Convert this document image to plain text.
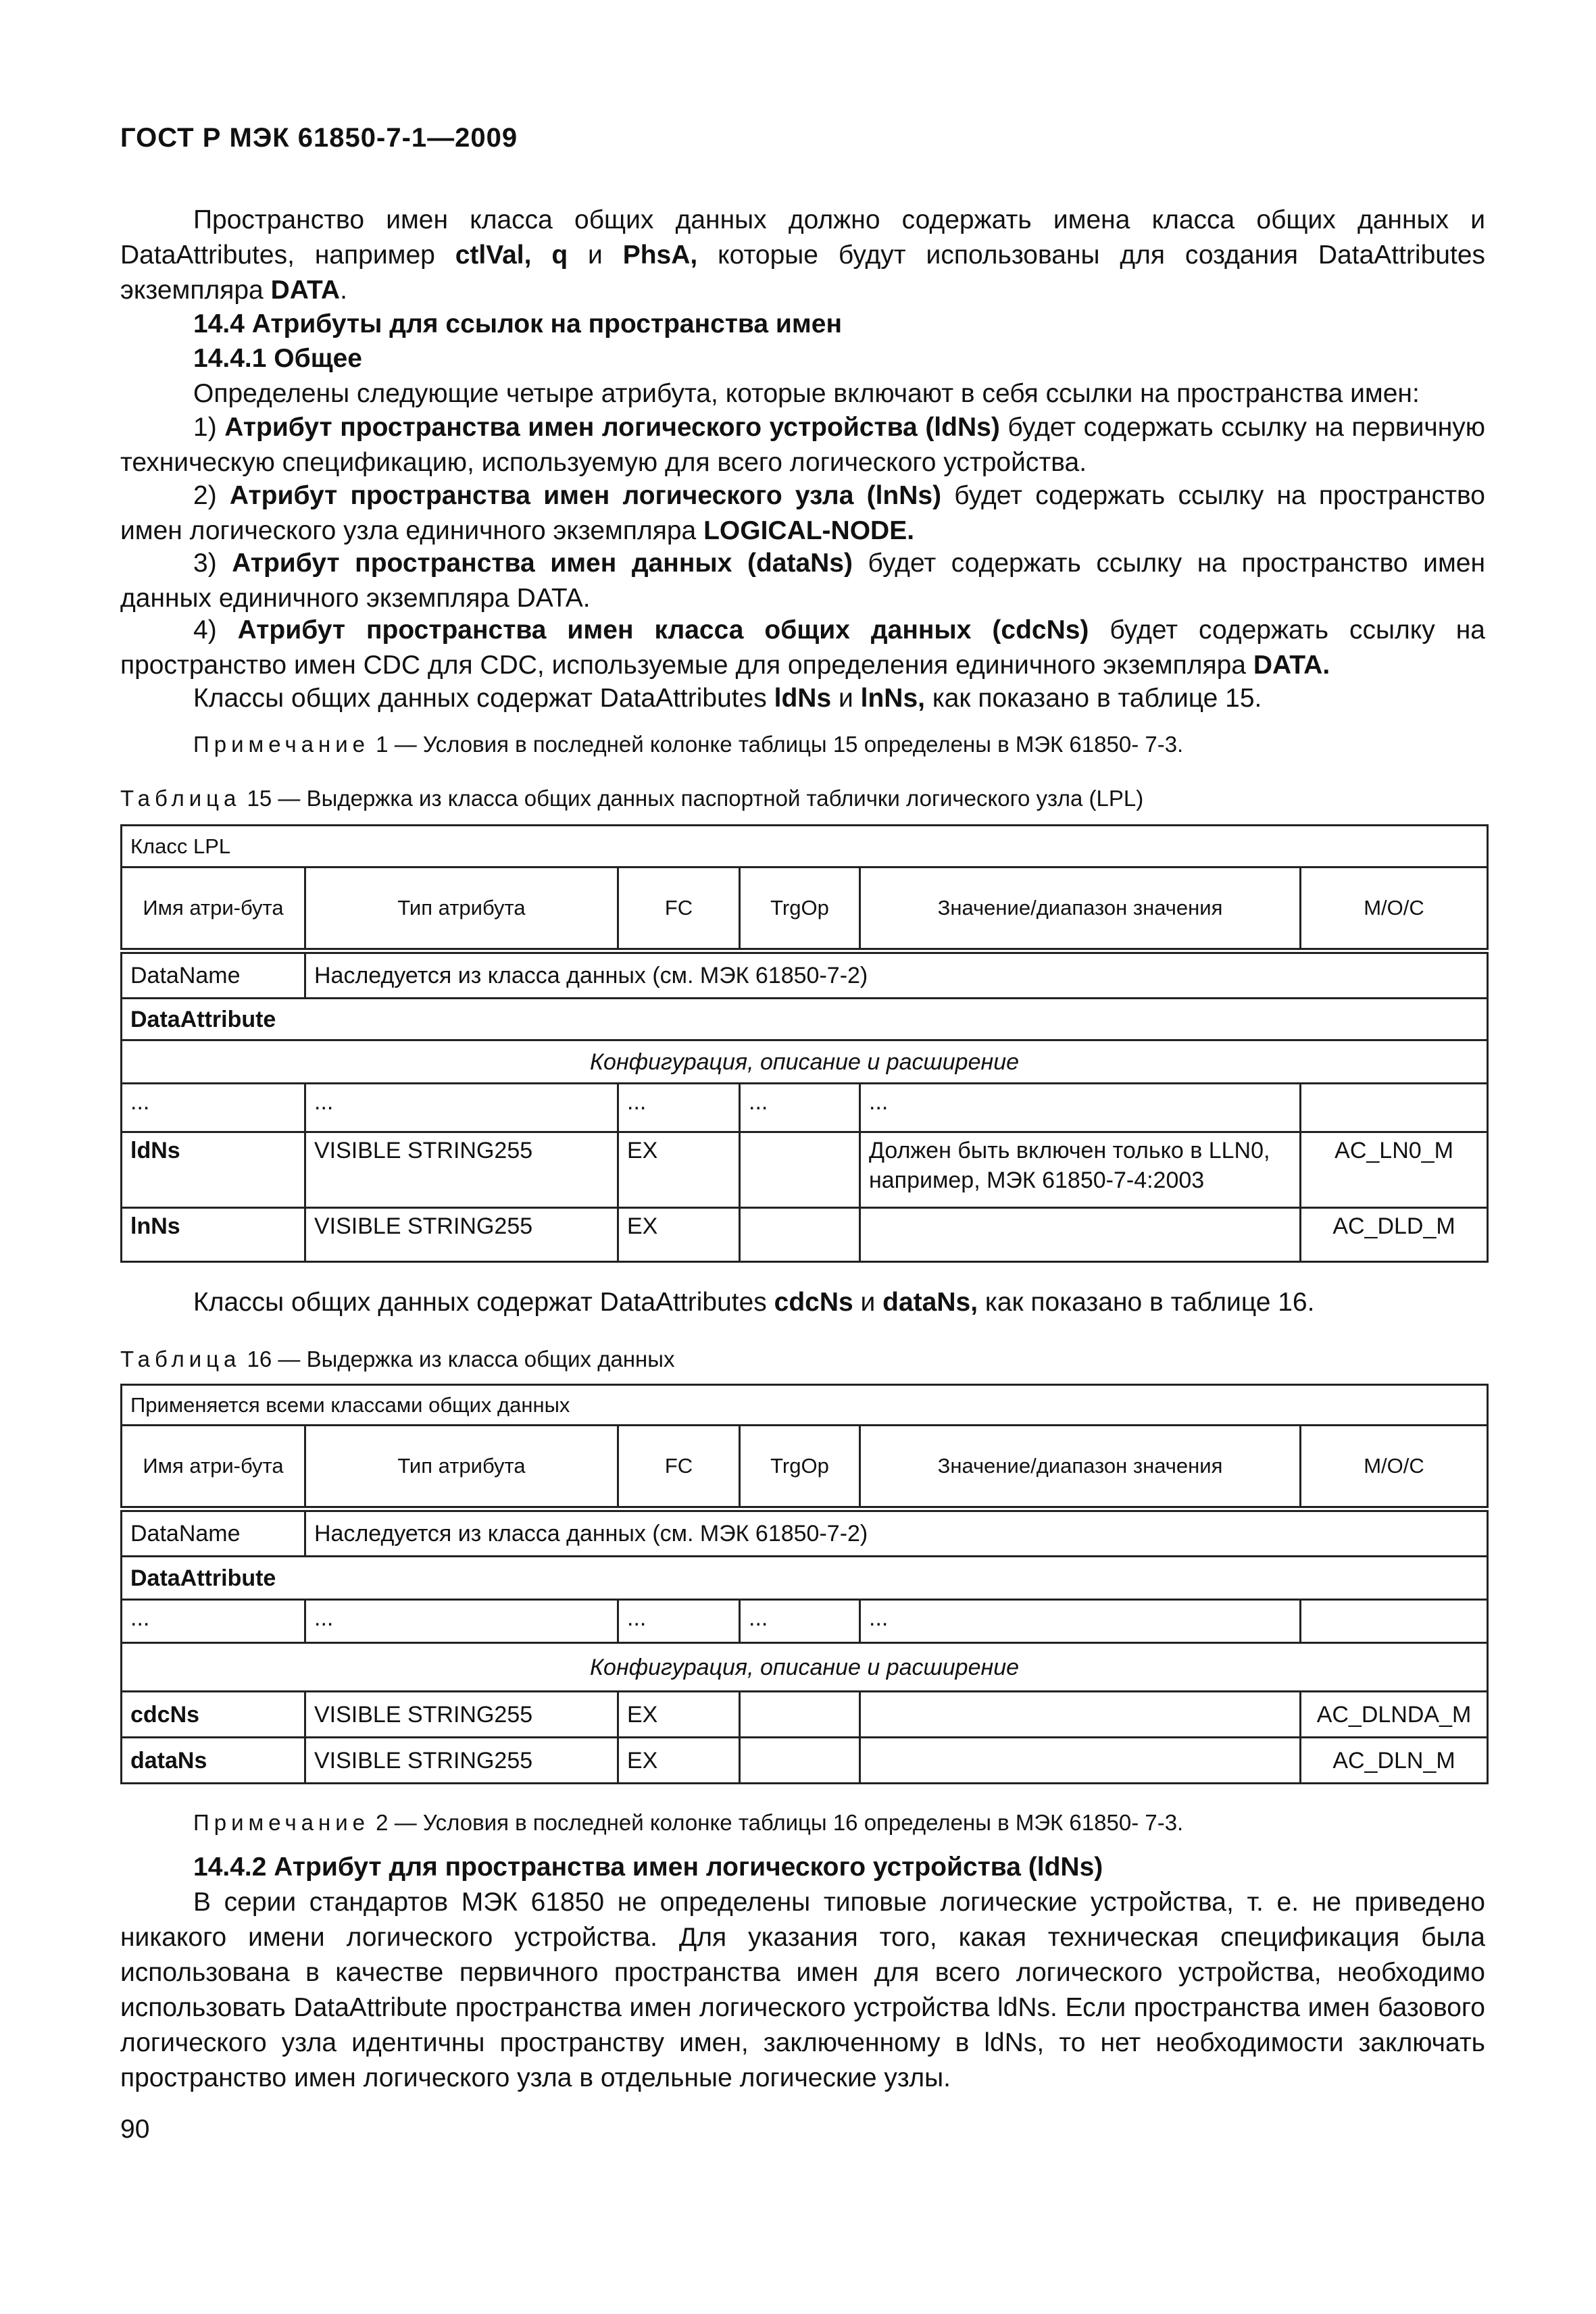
ГОСТ Р МЭК 61850-7-1—2009
Пространство имен класса общих данных должно содержать имена класса общих данных и DataAttributes, например ctlVal, q и PhsA, которые будут использованы для создания DataAttributes экземпляра DATA.
14.4 Атрибуты для ссылок на пространства имен
14.4.1 Общее
Определены следующие четыре атрибута, которые включают в себя ссылки на пространства имен:
1) Атрибут пространства имен логического устройства (ldNs) будет содержать ссылку на первичную техническую спецификацию, используемую для всего логического устройства.
2) Атрибут пространства имен логического узла (lnNs) будет содержать ссылку на пространство имен логического узла единичного экземпляра LOGICAL-NODE.
3) Атрибут пространства имен данных (dataNs) будет содержать ссылку на пространство имен данных единичного экземпляра DATA.
4) Атрибут пространства имен класса общих данных (cdcNs) будет содержать ссылку на пространство имен CDC для CDC, используемые для определения единичного экземпляра DATA.
Классы общих данных содержат DataAttributes ldNs и lnNs, как показано в таблице 15.
Примечание 1 — Условия в последней колонке таблицы 15 определены в МЭК 61850- 7-3.
Таблица 15 — Выдержка из класса общих данных паспортной таблички логического узла (LPL)
Класс LPL					
Имя атри-бута	Тип атрибута	FC	TrgOp	Значение/диапазон значения	M/O/C
DataName	Наследуется из класса данных (см. МЭК 61850-7-2)				
DataAttribute					
Конфигурация, описание и расширение					
...	...	...	...	...	
ldNs	VISIBLE STRING255	EX		Должен быть включен только в LLN0, например, МЭК 61850-7-4:2003	AC_LN0_M
lnNs	VISIBLE STRING255	EX			AC_DLD_M
Классы общих данных содержат DataAttributes cdcNs и dataNs, как показано в таблице 16.
Таблица 16 — Выдержка из класса общих данных
Применяется всеми классами общих данных					
Имя атри-бута	Тип атрибута	FC	TrgOp	Значение/диапазон значения	M/O/C
DataName	Наследуется из класса данных (см. МЭК 61850-7-2)				
DataAttribute					
...	...	...	...	...	
Конфигурация, описание и расширение					
cdcNs	VISIBLE STRING255	EX			AC_DLNDA_M
dataNs	VISIBLE STRING255	EX			AC_DLN_M
Примечание 2 — Условия в последней колонке таблицы 16 определены в МЭК 61850- 7-3.
14.4.2 Атрибут для пространства имен логического устройства (ldNs)
В серии стандартов МЭК 61850 не определены типовые логические устройства, т. е. не приведено никакого имени логического устройства. Для указания того, какая техническая спецификация была использована в качестве первичного пространства имен для всего логического устройства, необходимо использовать DataAttribute пространства имен логического устройства ldNs. Если пространства имен базового логического узла идентичны пространству имен, заключенному в ldNs, то нет необходимости заключать пространство имен логического узла в отдельные логические узлы.
90
